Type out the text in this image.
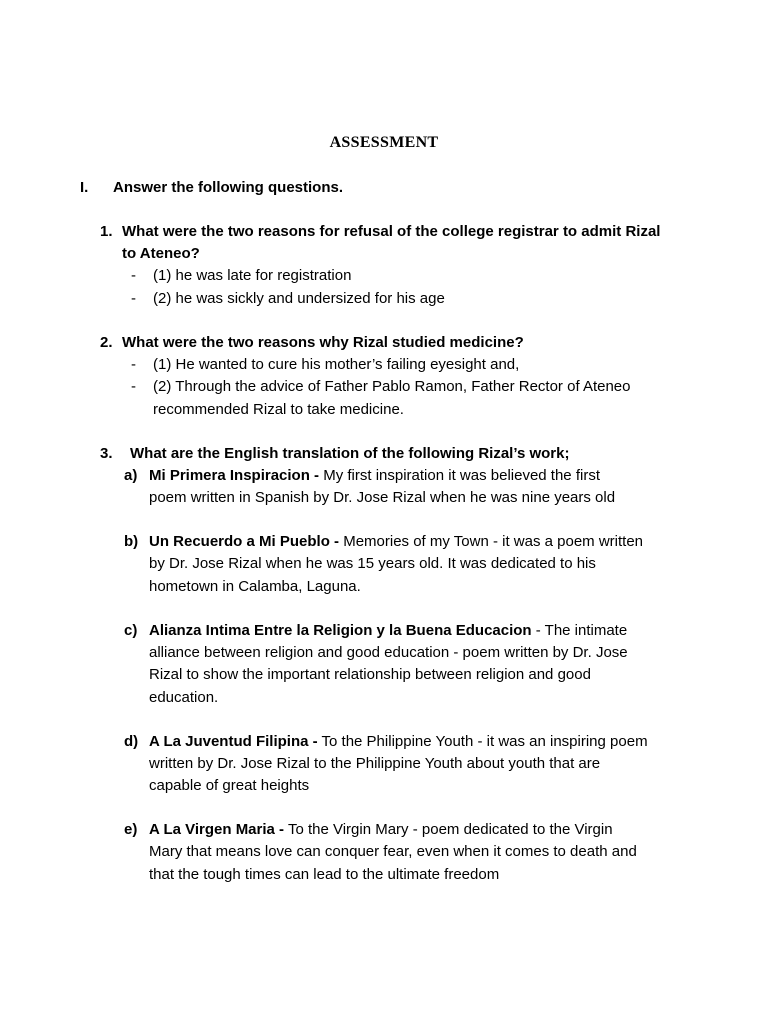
ASSESSMENT
I. Answer the following questions.
1. What were the two reasons for refusal of the college registrar to admit Rizal
to Ateneo?
- (1) he was late for registration
- (2) he was sickly and undersized for his age
2. What were the two reasons why Rizal studied medicine?
- (1) He wanted to cure his mother’s failing eyesight and,
- (2) Through the advice of Father Pablo Ramon, Father Rector of Ateneo
recommended Rizal to take medicine.
3. What are the English translation of the following Rizal’s work;
a) Mi Primera Inspiracion - My first inspiration it was believed the first
poem written in Spanish by Dr. Jose Rizal when he was nine years old
b) Un Recuerdo a Mi Pueblo - Memories of my Town - it was a poem written
by Dr. Jose Rizal when he was 15 years old. It was dedicated to his
hometown in Calamba, Laguna.
c) Alianza Intima Entre la Religion y la Buena Educacion - The intimate
alliance between religion and good education - poem written by Dr. Jose
Rizal to show the important relationship between religion and good
education.
d) A La Juventud Filipina - To the Philippine Youth - it was an inspiring poem
written by Dr. Jose Rizal to the Philippine Youth about youth that are
capable of great heights
e) A La Virgen Maria - To the Virgin Mary - poem dedicated to the Virgin
Mary that means love can conquer fear, even when it comes to death and
that the tough times can lead to the ultimate freedom
